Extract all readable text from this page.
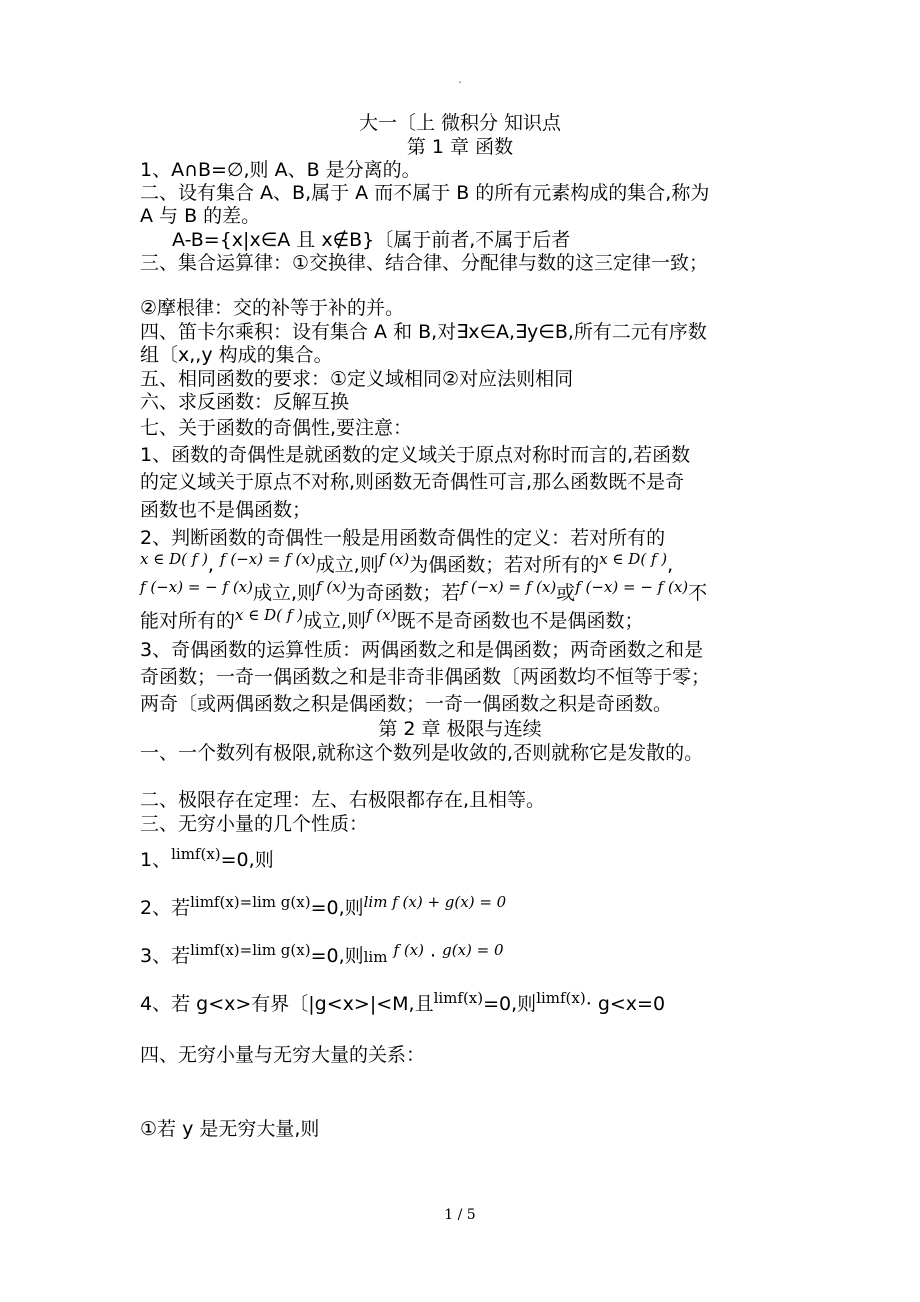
.
大一〔上 微积分 知识点
第 1 章 函数
1、A∩B=∅,则 A、B 是分离的。
二、设有集合 A、B,属于 A 而不属于 B 的所有元素构成的集合,称为
A 与 B 的差。
A-B={x|x∈A 且 x∉B}〔属于前者,不属于后者
三、集合运算律：①交换律、结合律、分配律与数的这三定律一致；
②摩根律：交的补等于补的并。
四、笛卡尔乘积：设有集合 A 和 B,对∃x∈A,∃y∈B,所有二元有序数
组〔x,,y 构成的集合。
五、相同函数的要求：①定义域相同②对应法则相同
六、求反函数：反解互换
七、关于函数的奇偶性,要注意：
1、函数的奇偶性是就函数的定义域关于原点对称时而言的,若函数
的定义域关于原点不对称,则函数无奇偶性可言,那么函数既不是奇
函数也不是偶函数；
2、判断函数的奇偶性一般是用函数奇偶性的定义：若对所有的
$^{x \in D( f )}$, $^{f (-x) = f (x)}$成立,则$^{f (x)}$为偶函数；若对所有的$^{x \in D( f )}$,
$^{f (-x) = - f (x)}$成立,则$^{f (x)}$为奇函数；若$^{f (-x) = f (x)}$或$^{f (-x) = - f (x)}$不
能对所有的$^{x \in D( f )}$成立,则$^{f (x)}$既不是奇函数也不是偶函数；
3、奇偶函数的运算性质：两偶函数之和是偶函数；两奇函数之和是
奇函数；一奇一偶函数之和是非奇非偶函数〔两函数均不恒等于零；
两奇〔或两偶函数之积是偶函数；一奇一偶函数之积是奇函数。
第 2 章 极限与连续
一、一个数列有极限,就称这个数列是收敛的,否则就称它是发散的。
二、极限存在定理：左、右极限都存在,且相等。
三、无穷小量的几个性质：
1、$^{limf(x)}$=0,则
2、若$^{limf(x)=lim g(x)}$=0,则$^{lim f (x) + g(x) = 0}$
3、若$^{limf(x)=lim g(x)}$=0,则lim $^{f (x)}$ · $^{g(x) = 0}$
4、若 g<x>有界〔|g<x>|<M,且$^{limf(x)}$=0,则$^{limf(x)}$· g<x=0
四、无穷小量与无穷大量的关系：
①若 y 是无穷大量,则
1 / 5
